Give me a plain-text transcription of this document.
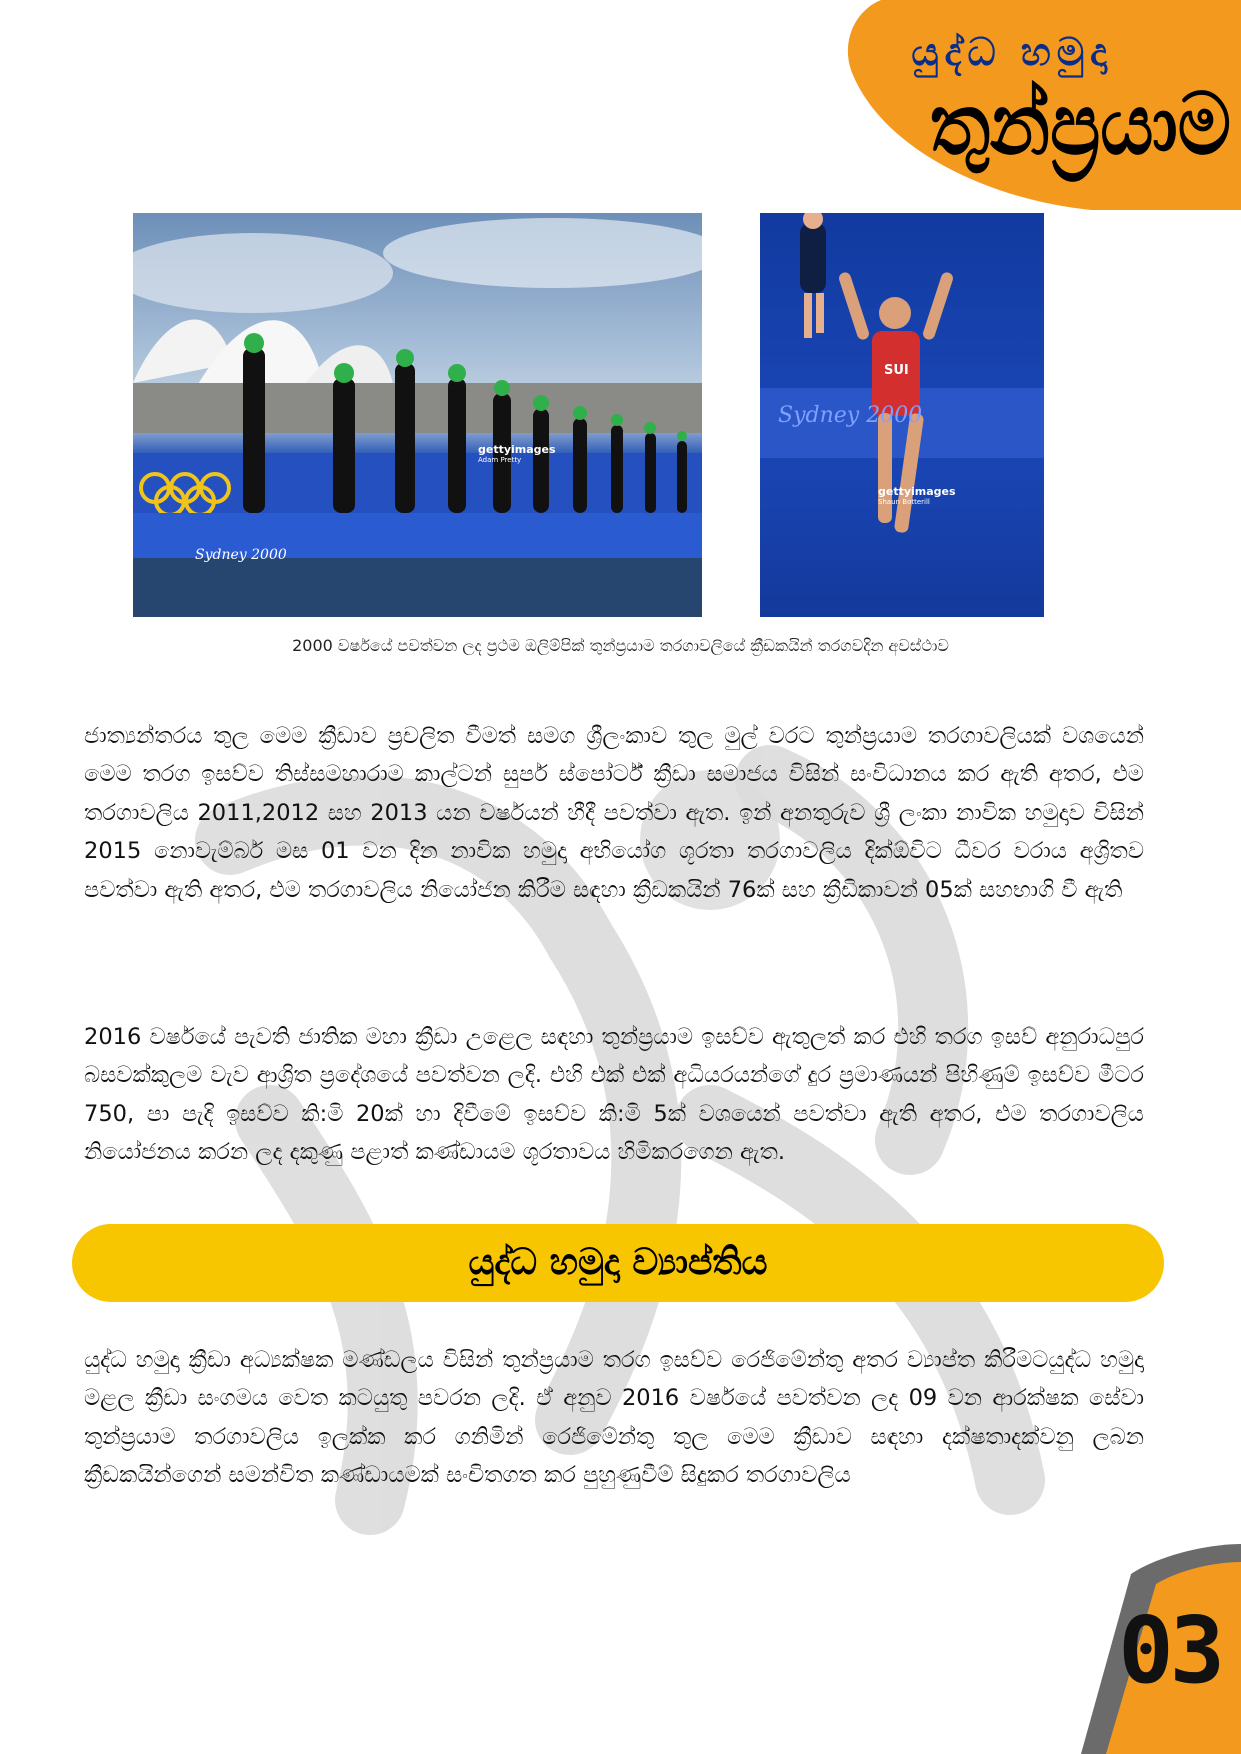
යුද්ධ හමුදා
තුන්ප්‍රයාම
gettyimages
Adam Pretty
Sydney 2000
SUI
Sydney 2000
gettyimages
Shaun Botterill
2000 වර්ෂයේ පවත්වන ලද ප්‍රථම ඔලිම්පික් තුන්ප්‍රයාම තරගාවලියේ ක්‍රීඩකයින් තරගවදින අවස්ථාව

ජාත්‍යන්තරය තුල මෙම ක්‍රීඩාව ප්‍රචලිත වීමත් සමග ශ්‍රීලංකාව තුල මුල් වරට තුන්ප්‍රයාම තරගාවලියක් වශයෙන් මෙම තරග ඉසව්ව තිස්සමහාරාම කාල්ටන් සුපර් ස්පෝර්ට් ක්‍රීඩා සමාජය විසින් සංවිධානය කර ඇති අතර, එම තරගාවලිය 2011,2012 සහ 2013 යන වර්ෂයන් හීදී පවත්වා ඇත. ඉන් අනතුරුව ශ්‍රී ලංකා නාවික හමුදාව විසින් 2015 නොවැම්බර් මස 01 වන දින නාවික හමුදා අභියෝග ශූරතා තරගාවලිය දික්ඕවිට ධීවර වරාය අශ්‍රිතව පවත්වා ඇති අතර, එම තරගාවලිය නියෝජන කිරීම සඳහා ක්‍රීඩකයින් 76ක් සහ ක්‍රීඩිකාවන් 05ක් සහභාගි වී ඇති

2016 වර්ෂයේ පැවති ජාතික මහා ක්‍රීඩා උළෙල සඳහා තුන්ප්‍රයාම ඉසව්ව ඇතුලත් කර එහි තරග ඉසව් අනුරාධපුර බසවක්කුලම වැව ආශ්‍රිත ප්‍රදේශයේ පවත්වන ලදි. එහි එක් එක් අධියරයන්ගේ දුර ප්‍රමාණයන් පිහිණුම් ඉසව්ව මීටර 750, පා පැදි ඉසව්ව කි:මි 20ක් හා දිවීමේ ඉසව්ව කි:මි 5ක් වශයෙන් පවත්වා ඇති අතර, එම තරගාවලිය නියෝජනය කරන ලද දකුණු පළාත් කණ්ඩායම ශූරතාවය හිමිකරගෙන ඇත.

යුද්ධ හමුදා ව්‍යාප්තිය

යුද්ධ හමුදා ක්‍රීඩා අධ්‍යක්ෂක මණ්ඩලය විසින් තුන්ප්‍රයාම තරග ඉසව්ව රෙජිමේන්තු අතර ව්‍යාප්ත කිරීමටයුද්ධ හමුදා මළල ක්‍රීඩා සංගමය වෙත කටයුතු පවරන ලදි. ඒ අනුව 2016 වර්ෂයේ පවත්වන ලද 09 වන ආරක්ෂක සේවා තුන්ප්‍රයාම තරගාවලිය ඉලක්ක කර ගනිමින් රෙජිමේන්තු තුල මෙම ක්‍රීඩාව සඳහා දක්ෂතාදක්වනු ලබන ක්‍රීඩකයින්ගෙන් සමන්විත කණ්ඩායමක් සංචිතගත කර පුහුණුවීම් සිදුකර තරගාවලිය

03
